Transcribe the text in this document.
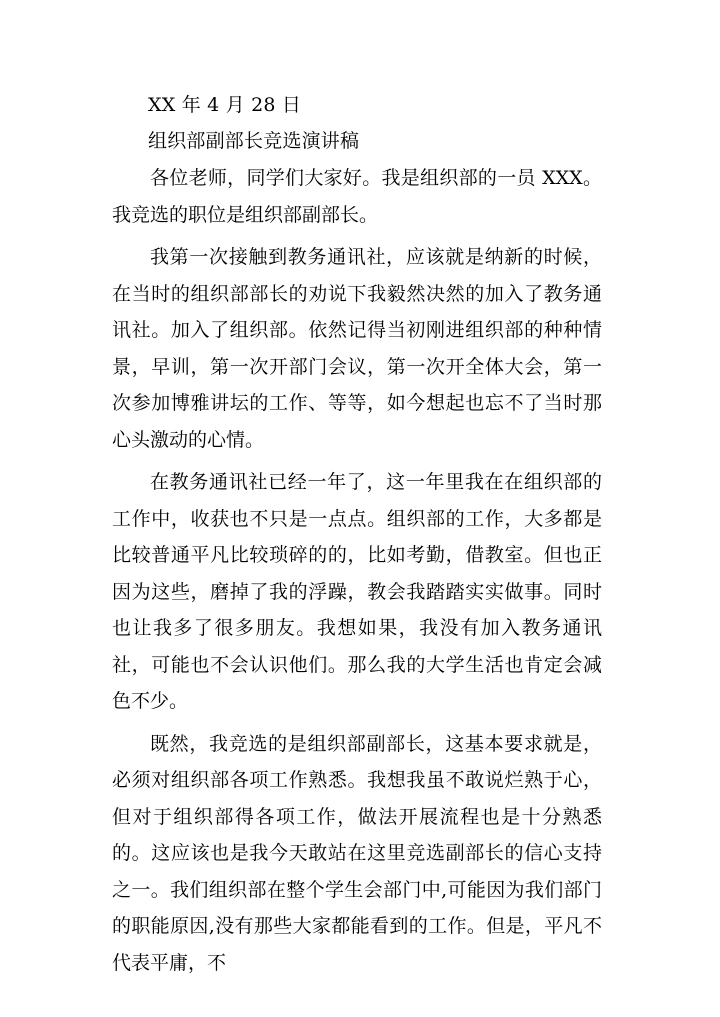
XX 年 4 月 28 日

组织部副部长竞选演讲稿

各位老师，同学们大家好。我是组织部的一员 XXX。我竞选的职位是组织部副部长。

我第一次接触到教务通讯社，应该就是纳新的时候，在当时的组织部部长的劝说下我毅然决然的加入了教务通讯社。加入了组织部。依然记得当初刚进组织部的种种情景，早训，第一次开部门会议，第一次开全体大会，第一次参加博雅讲坛的工作、等等，如今想起也忘不了当时那心头激动的心情。

在教务通讯社已经一年了，这一年里我在在组织部的工作中，收获也不只是一点点。组织部的工作，大多都是比较普通平凡比较琐碎的的，比如考勤，借教室。但也正因为这些，磨掉了我的浮躁，教会我踏踏实实做事。同时也让我多了很多朋友。我想如果，我没有加入教务通讯社，可能也不会认识他们。那么我的大学生活也肯定会减色不少。

既然，我竞选的是组织部副部长，这基本要求就是，必须对组织部各项工作熟悉。我想我虽不敢说烂熟于心，但对于组织部得各项工作，做法开展流程也是十分熟悉的。这应该也是我今天敢站在这里竞选副部长的信心支持之一。我们组织部在整个学生会部门中,可能因为我们部门的职能原因,没有那些大家都能看到的工作。但是，平凡不代表平庸，不
